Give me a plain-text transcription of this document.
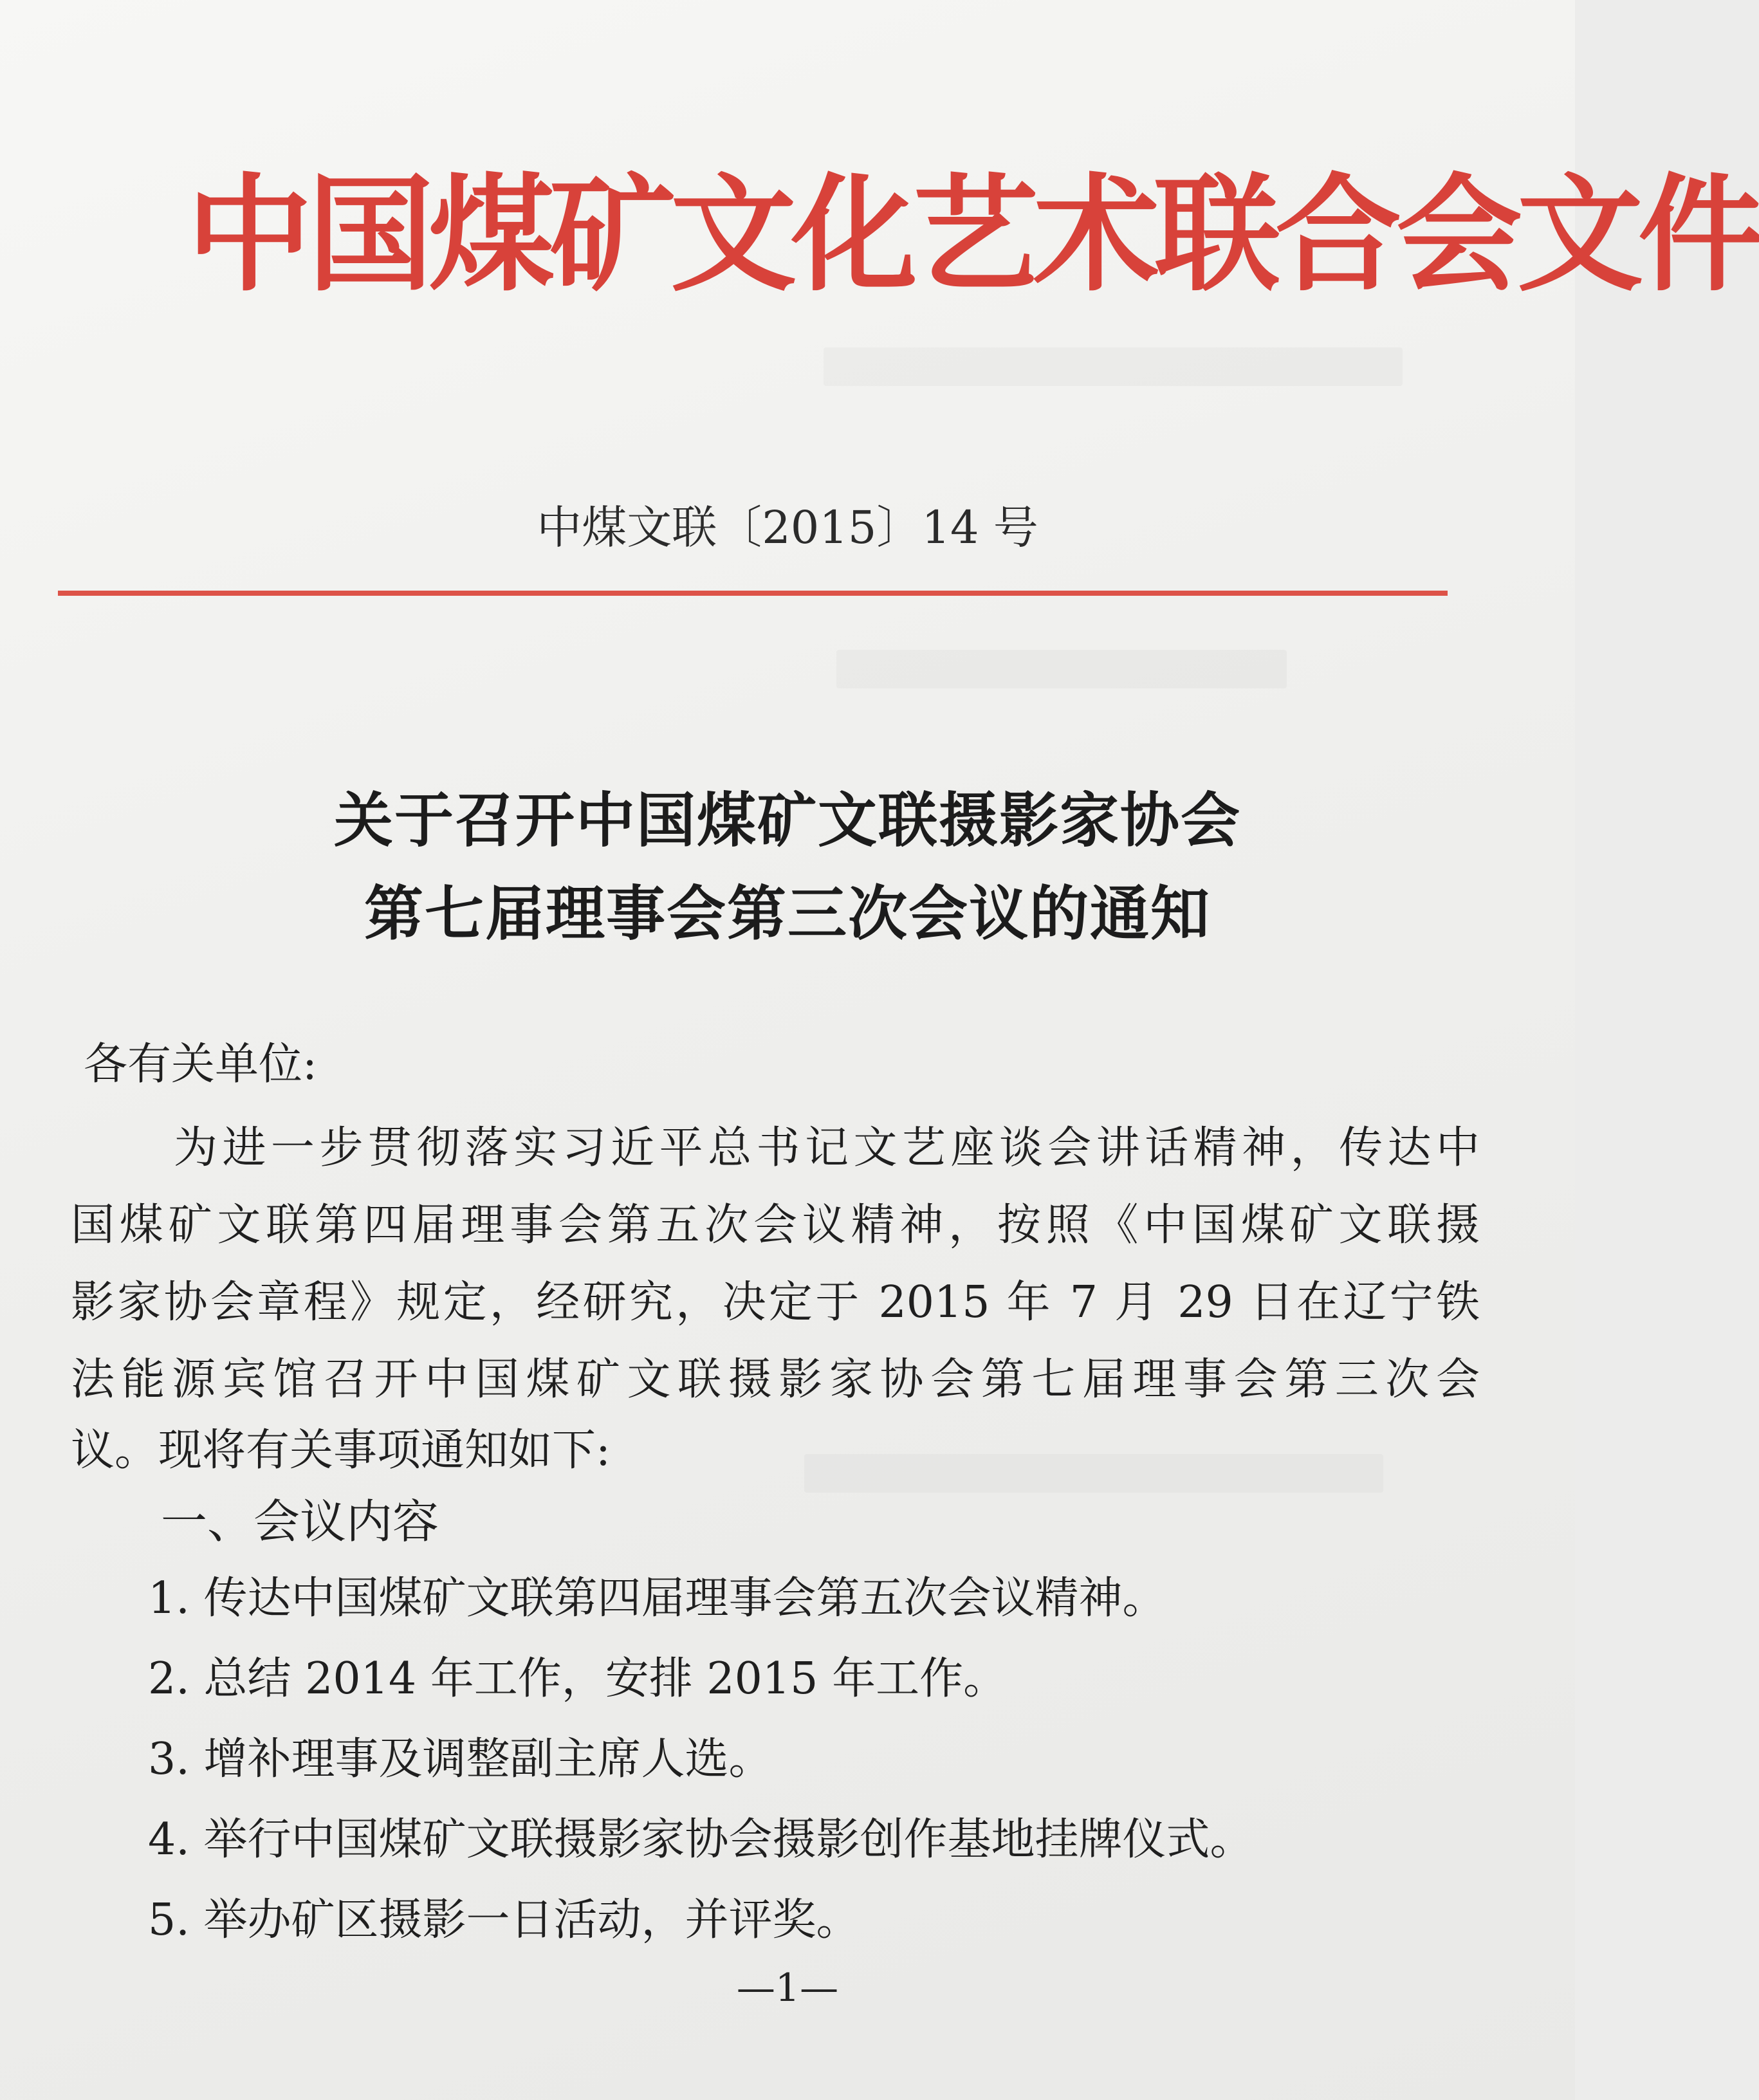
中国煤矿文化艺术联合会文件
中煤文联〔2015〕14 号
关于召开中国煤矿文联摄影家协会
第七届理事会第三次会议的通知
各有关单位:
为进一步贯彻落实习近平总书记文艺座谈会讲话精神，传达中
国煤矿文联第四届理事会第五次会议精神，按照《中国煤矿文联摄
影家协会章程》规定，经研究，决定于 2015 年 7 月 29 日在辽宁铁
法能源宾馆召开中国煤矿文联摄影家协会第七届理事会第三次会
议。现将有关事项通知如下:
一、会议内容
1. 传达中国煤矿文联第四届理事会第五次会议精神。
2. 总结 2014 年工作，安排 2015 年工作。
3. 增补理事及调整副主席人选。
4. 举行中国煤矿文联摄影家协会摄影创作基地挂牌仪式。
5. 举办矿区摄影一日活动，并评奖。
—1—
